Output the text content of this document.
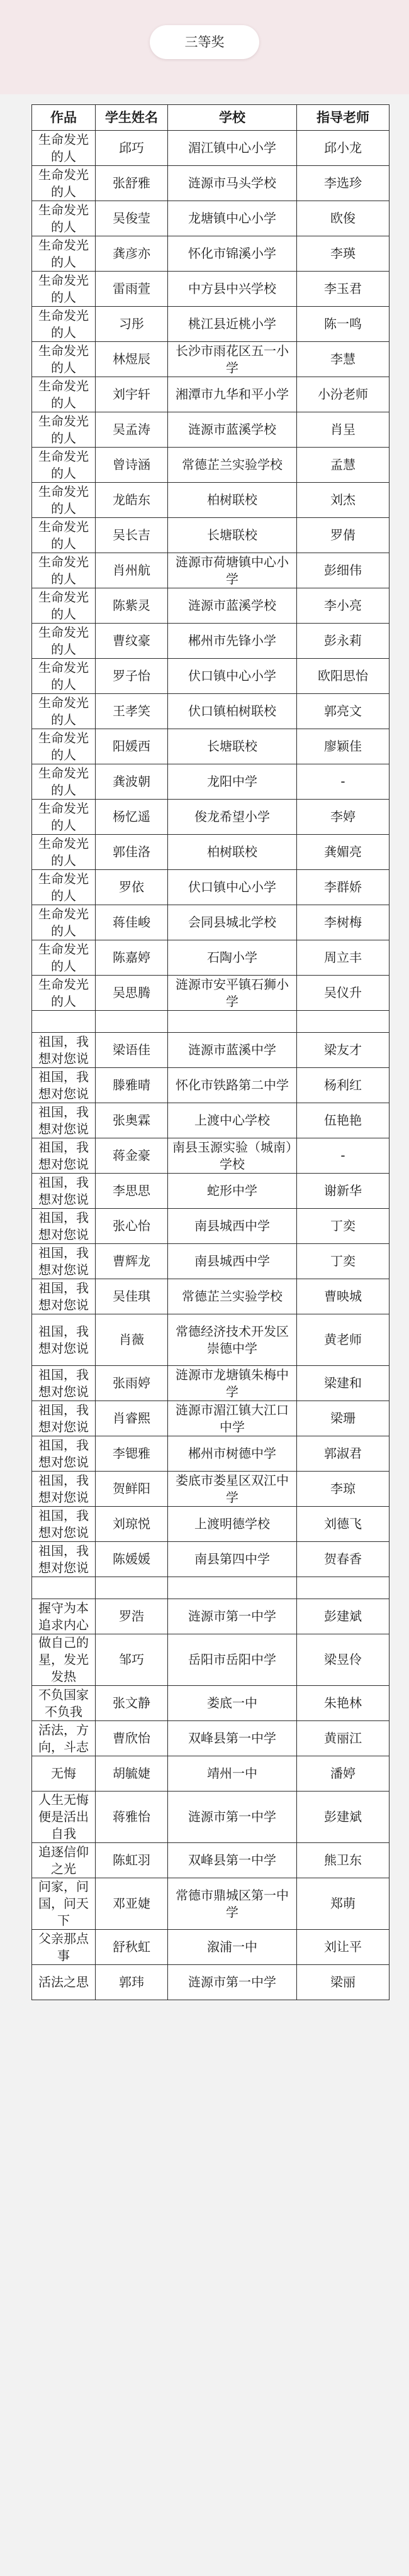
三等奖
作品	学生姓名	学校	指导老师
生命发光的人	邱巧	湄江镇中心小学	邱小龙
生命发光的人	张舒雅	涟源市马头学校	李选珍
生命发光的人	吴俊莹	龙塘镇中心小学	欧俊
生命发光的人	龚彦亦	怀化市锦溪小学	李瑛
生命发光的人	雷雨萱	中方县中兴学校	李玉君
生命发光的人	习彤	桃江县近桃小学	陈一鸣
生命发光的人	林煜辰	长沙市雨花区五一小学	李慧
生命发光的人	刘宇轩	湘潭市九华和平小学	小汾老师
生命发光的人	吴孟涛	涟源市蓝溪学校	肖呈
生命发光的人	曾诗涵	常德芷兰实验学校	孟慧
生命发光的人	龙皓东	柏树联校	刘杰
生命发光的人	吴长吉	长塘联校	罗倩
生命发光的人	肖州航	涟源市荷塘镇中心小学	彭细伟
生命发光的人	陈紫灵	涟源市蓝溪学校	李小亮
生命发光的人	曹纹豪	郴州市先锋小学	彭永莉
生命发光的人	罗子怡	伏口镇中心小学	欧阳思怡
生命发光的人	王孝笑	伏口镇柏树联校	郭亮文
生命发光的人	阳媛西	长塘联校	廖颖佳
生命发光的人	龚波朝	龙阳中学	-
生命发光的人	杨忆遥	俊龙希望小学	李婷
生命发光的人	郭佳洛	柏树联校	龚媚亮
生命发光的人	罗依	伏口镇中心小学	李群娇
生命发光的人	蒋佳峻	会同县城北学校	李树梅
生命发光的人	陈嘉婷	石陶小学	周立丰
生命发光的人	吴思腾	涟源市安平镇石狮小学	吴仪升

祖国，我想对您说	梁语佳	涟源市蓝溪中学	梁友才
祖国，我想对您说	滕雅晴	怀化市铁路第二中学	杨利红
祖国，我想对您说	张奥霖	上渡中心学校	伍艳艳
祖国，我想对您说	蒋金豪	南县玉源实验（城南）学校	-
祖国，我想对您说	李思思	蛇形中学	谢新华
祖国，我想对您说	张心怡	南县城西中学	丁奕
祖国，我想对您说	曹辉龙	南县城西中学	丁奕
祖国，我想对您说	吴佳琪	常德芷兰实验学校	曹映城
祖国，我想对您说	肖薇	常德经济技术开发区崇德中学	黄老师
祖国，我想对您说	张雨婷	涟源市龙塘镇朱梅中学	梁建和
祖国，我想对您说	肖睿熙	涟源市湄江镇大江口中学	梁珊
祖国，我想对您说	李锶雅	郴州市树德中学	郭淑君
祖国，我想对您说	贺鲜阳	娄底市娄星区双江中学	李琼
祖国，我想对您说	刘琼悦	上渡明德学校	刘德飞
祖国，我想对您说	陈媛媛	南县第四中学	贺春香

握守为本追求内心	罗浩	涟源市第一中学	彭建斌
做自己的星，发光发热	邹巧	岳阳市岳阳中学	梁昱伶
不负国家不负我	张文静	娄底一中	朱艳林
活法，方向，斗志	曹欣怡	双峰县第一中学	黄丽江
无悔	胡毓婕	靖州一中	潘婷
人生无悔便是活出自我	蒋雅怡	涟源市第一中学	彭建斌
追逐信仰之光	陈虹羽	双峰县第一中学	熊卫东
问家，问国，问天下	邓亚婕	常德市鼎城区第一中学	郑萌
父亲那点事	舒秋虹	溆浦一中	刘让平
活法之思	郭玮	涟源市第一中学	梁丽
